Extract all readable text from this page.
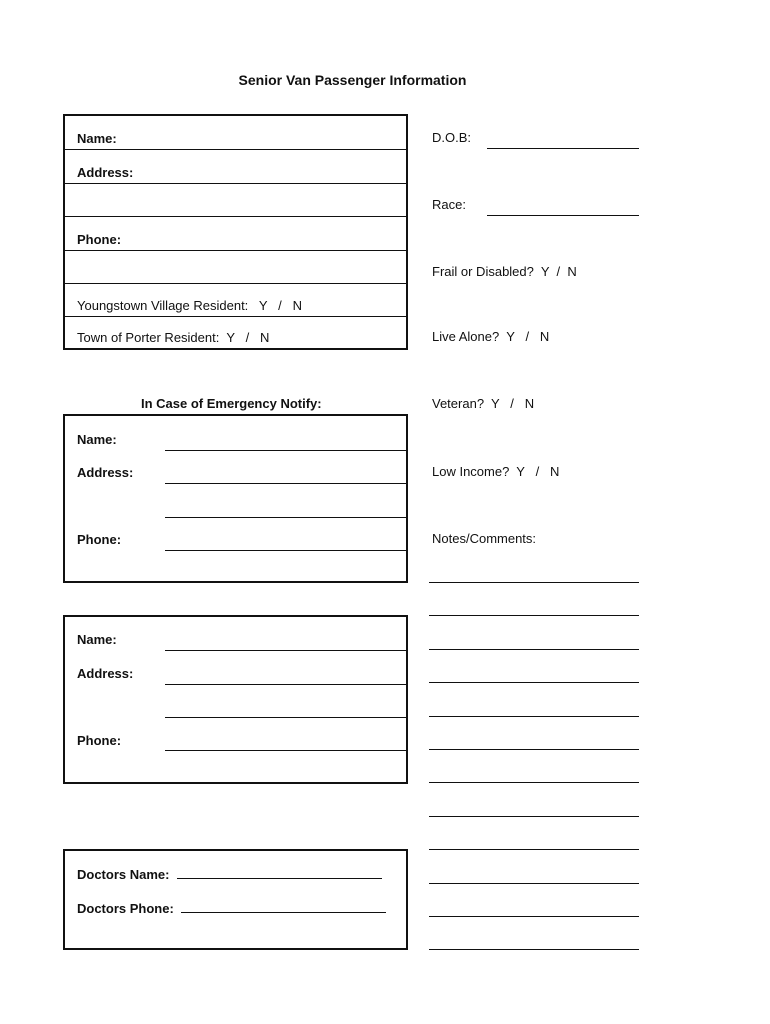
Senior Van Passenger Information
Name:
Address:
Phone:
Youngstown Village Resident:   Y   /   N
Town of Porter Resident:  Y   /   N
D.O.B:
Race:
Frail or Disabled?  Y  /  N
Live Alone?  Y   /   N
Veteran?  Y   /   N
Low Income?  Y   /   N
Notes/Comments:
In Case of Emergency Notify:
Name:
Address:
Phone:
Name:
Address:
Phone:
Doctors Name:
Doctors Phone:
